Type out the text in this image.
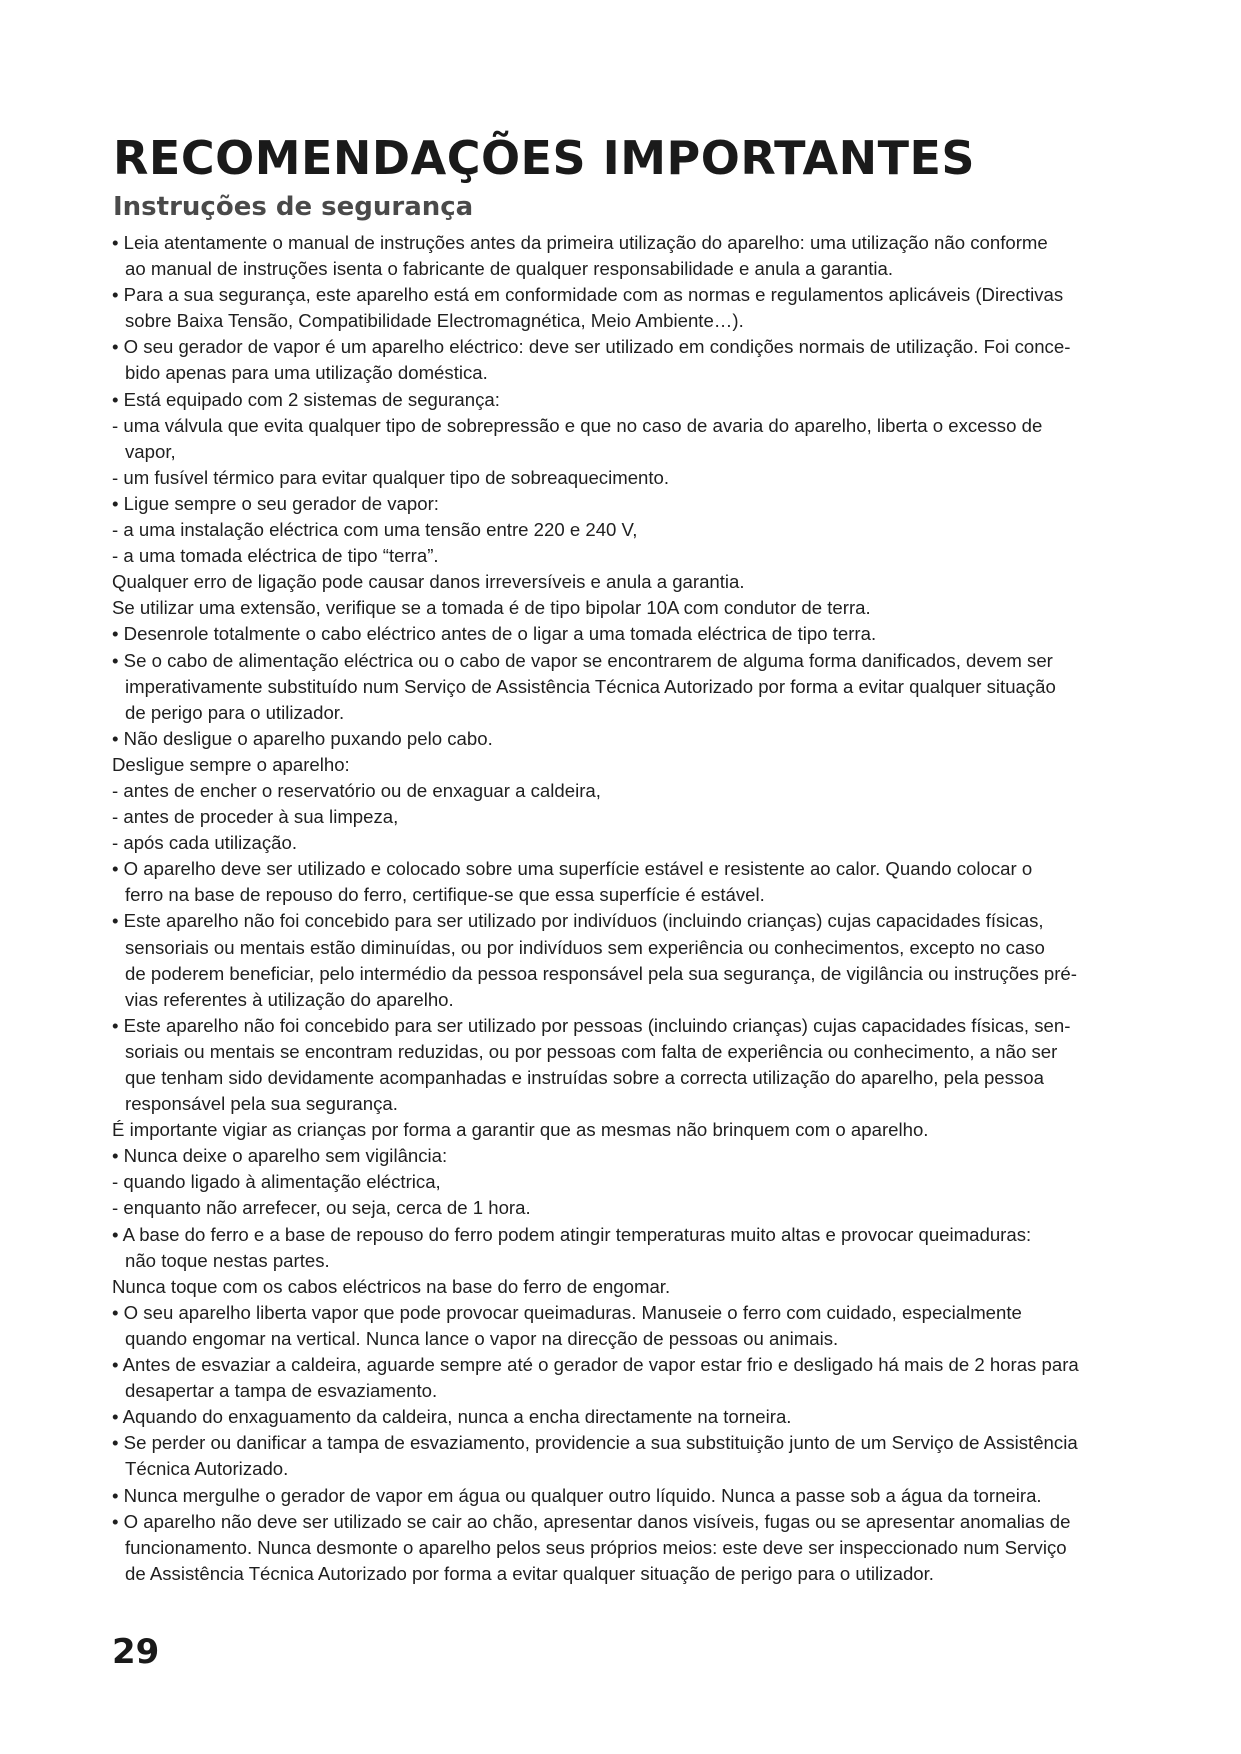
RECOMENDAÇÕES IMPORTANTES
Instruções de segurança
• Leia atentamente o manual de instruções antes da primeira utilização do aparelho: uma utilização não conforme
ao manual de instruções isenta o fabricante de qualquer responsabilidade e anula a garantia.
• Para a sua segurança, este aparelho está em conformidade com as normas e regulamentos aplicáveis (Directivas
sobre Baixa Tensão, Compatibilidade Electromagnética, Meio Ambiente…).
• O seu gerador de vapor é um aparelho eléctrico: deve ser utilizado em condições normais de utilização. Foi conce-
bido apenas para uma utilização doméstica.
• Está equipado com 2 sistemas de segurança:
- uma válvula que evita qualquer tipo de sobrepressão e que no caso de avaria do aparelho, liberta o excesso de
vapor,
- um fusível térmico para evitar qualquer tipo de sobreaquecimento.
• Ligue sempre o seu gerador de vapor:
- a uma instalação eléctrica com uma tensão entre 220 e 240 V,
- a uma tomada eléctrica de tipo “terra”.
Qualquer erro de ligação pode causar danos irreversíveis e anula a garantia.
Se utilizar uma extensão, verifique se a tomada é de tipo bipolar 10A com condutor de terra.
• Desenrole totalmente o cabo eléctrico antes de o ligar a uma tomada eléctrica de tipo terra.
• Se o cabo de alimentação eléctrica ou o cabo de vapor se encontrarem de alguma forma danificados, devem ser
imperativamente substituído num Serviço de Assistência Técnica Autorizado por forma a evitar qualquer situação
de perigo para o utilizador.
• Não desligue o aparelho puxando pelo cabo.
Desligue sempre o aparelho:
- antes de encher o reservatório ou de enxaguar a caldeira,
- antes de proceder à sua limpeza,
- após cada utilização.
• O aparelho deve ser utilizado e colocado sobre uma superfície estável e resistente ao calor. Quando colocar o
ferro na base de repouso do ferro, certifique-se que essa superfície é estável.
• Este aparelho não foi concebido para ser utilizado por indivíduos (incluindo crianças) cujas capacidades físicas,
sensoriais ou mentais estão diminuídas, ou por indivíduos sem experiência ou conhecimentos, excepto no caso
de poderem beneficiar, pelo intermédio da pessoa responsável pela sua segurança, de vigilância ou instruções pré-
vias referentes à utilização do aparelho.
• Este aparelho não foi concebido para ser utilizado por pessoas (incluindo crianças) cujas capacidades físicas, sen-
soriais ou mentais se encontram reduzidas, ou por pessoas com falta de experiência ou conhecimento, a não ser
que tenham sido devidamente acompanhadas e instruídas sobre a correcta utilização do aparelho, pela pessoa
responsável pela sua segurança.
É importante vigiar as crianças por forma a garantir que as mesmas não brinquem com o aparelho.
• Nunca deixe o aparelho sem vigilância:
- quando ligado à alimentação eléctrica,
- enquanto não arrefecer, ou seja, cerca de 1 hora.
• A base do ferro e a base de repouso do ferro podem atingir temperaturas muito altas e provocar queimaduras:
não toque nestas partes.
Nunca toque com os cabos eléctricos na base do ferro de engomar.
• O seu aparelho liberta vapor que pode provocar queimaduras. Manuseie o ferro com cuidado, especialmente
quando engomar na vertical. Nunca lance o vapor na direcção de pessoas ou animais.
• Antes de esvaziar a caldeira, aguarde sempre até o gerador de vapor estar frio e desligado há mais de 2 horas para
desapertar a tampa de esvaziamento.
• Aquando do enxaguamento da caldeira, nunca a encha directamente na torneira.
• Se perder ou danificar a tampa de esvaziamento, providencie a sua substituição junto de um Serviço de Assistência
Técnica Autorizado.
• Nunca mergulhe o gerador de vapor em água ou qualquer outro líquido. Nunca a passe sob a água da torneira.
• O aparelho não deve ser utilizado se cair ao chão, apresentar danos visíveis, fugas ou se apresentar anomalias de
funcionamento. Nunca desmonte o aparelho pelos seus próprios meios: este deve ser inspeccionado num Serviço
de Assistência Técnica Autorizado por forma a evitar qualquer situação de perigo para o utilizador.
29
